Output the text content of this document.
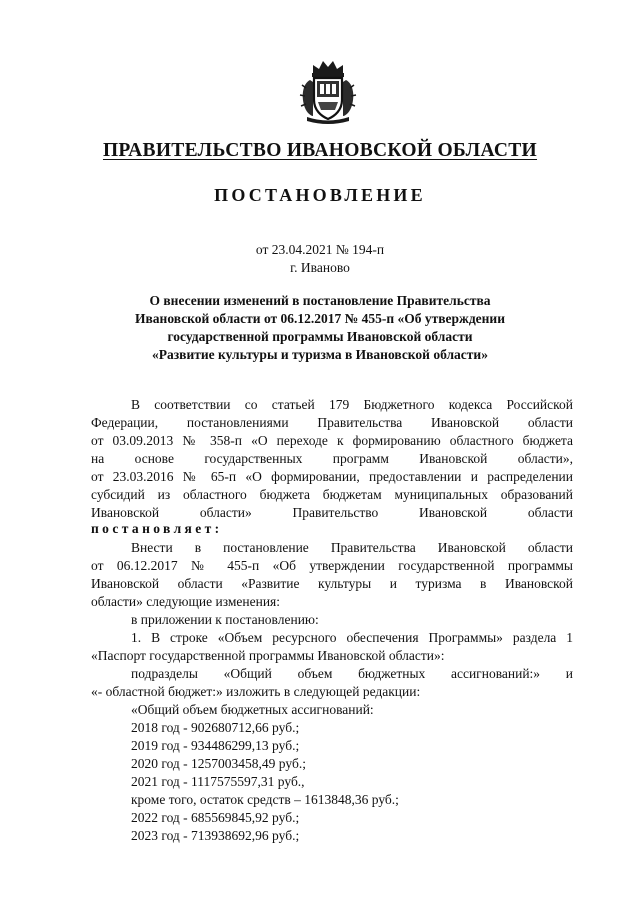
ПРАВИТЕЛЬСТВО ИВАНОВСКОЙ ОБЛАСТИ
ПОСТАНОВЛЕНИЕ
от 23.04.2021 № 194-п
г. Иваново
О внесении изменений в постановление Правительства
Ивановской области от 06.12.2017 № 455-п «Об утверждении
государственной программы Ивановской области
«Развитие культуры и туризма в Ивановской области»
В соответствии со статьей 179 Бюджетного кодекса Российской
Федерации, постановлениями Правительства Ивановской области
от 03.09.2013 № 358-п «О переходе к формированию областного бюджета
на основе государственных программ Ивановской области»,
от 23.03.2016 № 65-п «О формировании, предоставлении и распределении
субсидий из областного бюджета бюджетам муниципальных образований
Ивановской области» Правительство Ивановской области
постановляет:
Внести в постановление Правительства Ивановской области
от 06.12.2017 № 455-п «Об утверждении государственной программы
Ивановской области «Развитие культуры и туризма в Ивановской
области» следующие изменения:
в приложении к постановлению:
1. В строке «Объем ресурсного обеспечения Программы» раздела 1
«Паспорт государственной программы Ивановской области»:
подразделы «Общий объем бюджетных ассигнований:» и
«- областной бюджет:» изложить в следующей редакции:
«Общий объем бюджетных ассигнований:
2018 год - 902680712,66 руб.;
2019 год - 934486299,13 руб.;
2020 год - 1257003458,49 руб.;
2021 год - 1117575597,31 руб.,
кроме того, остаток средств – 1613848,36 руб.;
2022 год - 685569845,92 руб.;
2023 год - 713938692,96 руб.;
